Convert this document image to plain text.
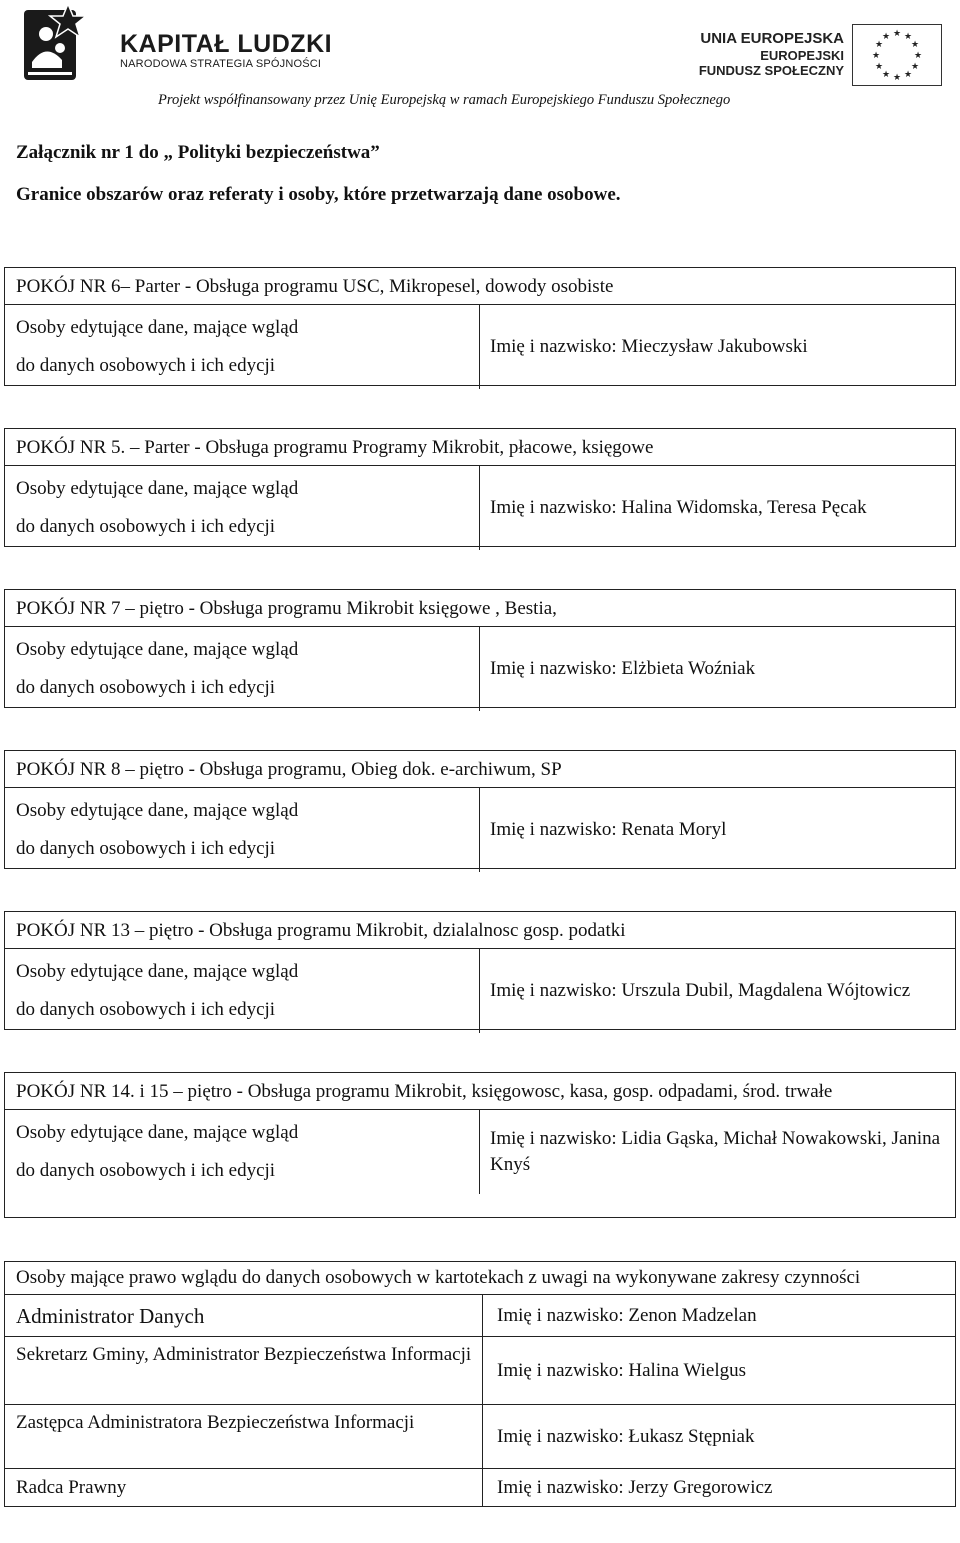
KAPITAŁ LUDZKI
NARODOWA STRATEGIA SPÓJNOŚCI
UNIA EUROPEJSKA
EUROPEJSKI
FUNDUSZ SPOŁECZNY
★ ★
★
★
★
★
★
★
★
★
★
★
Projekt współfinansowany przez Unię Europejską w ramach Europejskiego Funduszu Społecznego
Załącznik nr 1 do „ Polityki bezpieczeństwa”
Granice obszarów oraz referaty i osoby, które przetwarzają dane osobowe.
POKÓJ NR 6– Parter - Obsługa programu USC, Mikropesel, dowody osobiste
Osoby edytujące dane, mające wgląd
do danych osobowych i ich edycji
Imię i nazwisko: Mieczysław Jakubowski
POKÓJ NR 5. – Parter - Obsługa programu Programy Mikrobit, płacowe, księgowe
Osoby edytujące dane, mające wgląd
do danych osobowych i ich edycji
Imię i nazwisko: Halina Widomska, Teresa Pęcak
POKÓJ NR 7 – piętro - Obsługa programu Mikrobit księgowe , Bestia,
Osoby edytujące dane, mające wgląd
do danych osobowych i ich edycji
Imię i nazwisko: Elżbieta Woźniak
POKÓJ NR 8 – piętro - Obsługa programu, Obieg dok. e-archiwum, SP
Osoby edytujące dane, mające wgląd
do danych osobowych i ich edycji
Imię i nazwisko: Renata Moryl
POKÓJ NR 13 – piętro - Obsługa programu Mikrobit, dzialalnosc gosp. podatki
Osoby edytujące dane, mające wgląd
do danych osobowych i ich edycji
Imię i nazwisko: Urszula Dubil, Magdalena Wójtowicz
POKÓJ NR 14. i 15 – piętro - Obsługa programu Mikrobit, księgowosc, kasa, gosp. odpadami, środ. trwałe
Osoby edytujące dane, mające wgląd
do danych osobowych i ich edycji
Imię i nazwisko: Lidia Gąska, Michał Nowakowski, Janina Knyś
Osoby mające prawo wglądu do danych osobowych w kartotekach z uwagi na wykonywane zakresy czynności
Administrator Danych	Imię i nazwisko: Zenon Madzelan
Sekretarz Gminy, Administrator Bezpieczeństwa Informacji
Imię i nazwisko: Halina Wielgus
Zastępca Administratora Bezpieczeństwa Informacji
Imię i nazwisko: Łukasz Stępniak
Radca Prawny	Imię i nazwisko: Jerzy Gregorowicz
